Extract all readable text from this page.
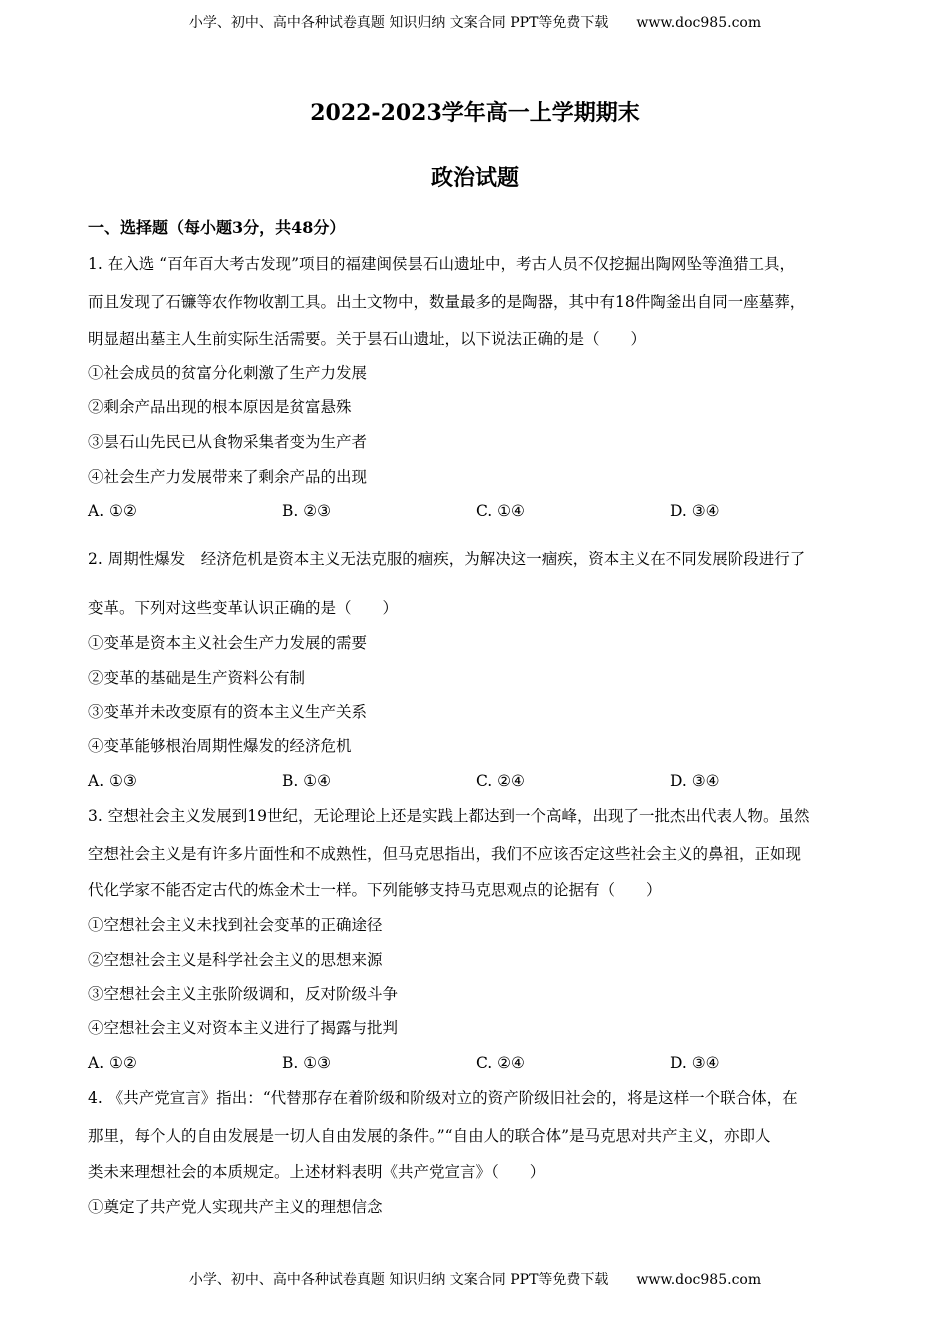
小学、初中、高中各种试卷真题 知识归纳 文案合同 PPT等免费下载 www.doc985.com
2022-2023学年高一上学期期末
政治试题
一、选择题（每小题3分，共48分）
1. 在入选 “百年百大考古发现”项目的福建闽侯昙石山遗址中，考古人员不仅挖掘出陶网坠等渔猎工具，
而且发现了石镰等农作物收割工具。出土文物中，数量最多的是陶器，其中有18件陶釜出自同一座墓葬，
明显超出墓主人生前实际生活需要。关于昙石山遗址，以下说法正确的是（　　）
①社会成员的贫富分化刺激了生产力发展
②剩余产品出现的根本原因是贫富悬殊
③昙石山先民已从食物采集者变为生产者
④社会生产力发展带来了剩余产品的出现
A. ①②	B. ②③	C. ①④	D. ③④
2. 周期性爆发　经济危机是资本主义无法克服的痼疾，为解决这一痼疾，资本主义在不同发展阶段进行了
变革。下列对这些变革认识正确的是（　　）
①变革是资本主义社会生产力发展的需要
②变革的基础是生产资料公有制
③变革并未改变原有的资本主义生产关系
④变革能够根治周期性爆发的经济危机
A. ①③	B. ①④	C. ②④	D. ③④
3. 空想社会主义发展到19世纪，无论理论上还是实践上都达到一个高峰，出现了一批杰出代表人物。虽然
空想社会主义是有许多片面性和不成熟性，但马克思指出，我们不应该否定这些社会主义的鼻祖，正如现
代化学家不能否定古代的炼金术士一样。下列能够支持马克思观点的论据有（　　）
①空想社会主义未找到社会变革的正确途径
②空想社会主义是科学社会主义的思想来源
③空想社会主义主张阶级调和，反对阶级斗争
④空想社会主义对资本主义进行了揭露与批判
A. ①②	B. ①③	C. ②④	D. ③④
4. 《共产党宣言》指出：“代替那存在着阶级和阶级对立的资产阶级旧社会的，将是这样一个联合体，在
那里，每个人的自由发展是一切人自由发展的条件。”“自由人的联合体”是马克思对共产主义，亦即人
类未来理想社会的本质规定。上述材料表明《共产党宣言》（　　）
①奠定了共产党人实现共产主义的理想信念
小学、初中、高中各种试卷真题 知识归纳 文案合同 PPT等免费下载 www.doc985.com
